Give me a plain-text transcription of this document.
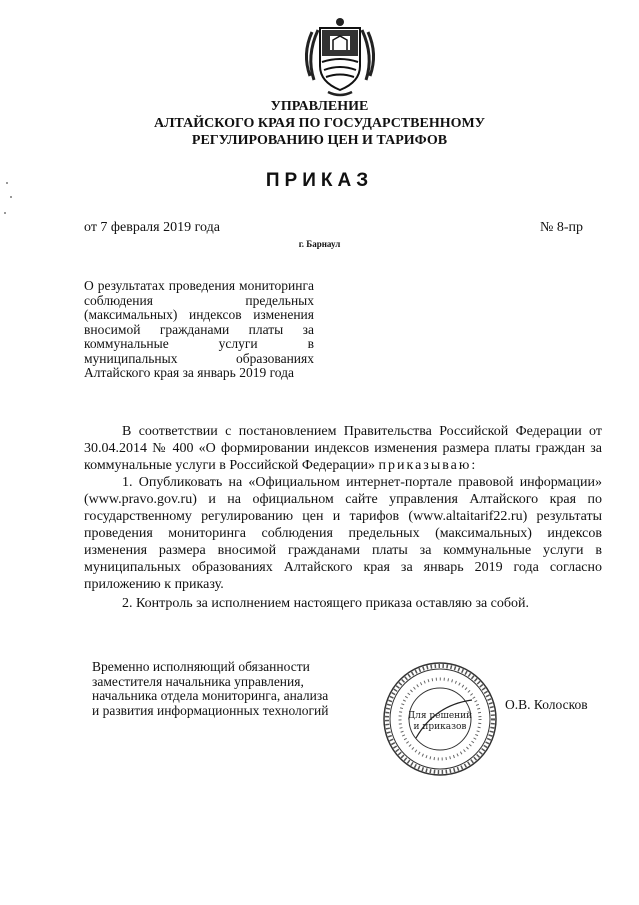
УПРАВЛЕНИЕ
АЛТАЙСКОГО КРАЯ ПО ГОСУДАРСТВЕННОМУ
РЕГУЛИРОВАНИЮ ЦЕН И ТАРИФОВ
ПРИКАЗ
от 7 февраля 2019 года	№ 8-пр
г. Барнаул
О результатах проведения мониторинга соблюдения предельных (максимальных) индексов изменения вносимой гражданами платы за коммунальные услуги в муниципальных образованиях Алтайского края за январь 2019 года
В соответствии с постановлением Правительства Российской Федерации от 30.04.2014 № 400 «О формировании индексов изменения размера платы граждан за коммунальные услуги в Российской Федерации» приказываю:
1. Опубликовать на «Официальном интернет-портале правовой информации» (www.pravo.gov.ru) и на официальном сайте управления Алтайского края по государственному регулированию цен и тарифов (www.altaitarif22.ru) результаты проведения мониторинга соблюдения предельных (максимальных) индексов изменения размера вносимой гражданами платы за коммунальные услуги в муниципальных образованиях Алтайского края за январь 2019 года согласно приложению к приказу.
2. Контроль за исполнением настоящего приказа оставляю за собой.
Временно исполняющий обязанности
заместителя начальника управления,
начальника отдела мониторинга, анализа
и развития информационных технологий	Для решений
и приказов
О.В. Колосков
